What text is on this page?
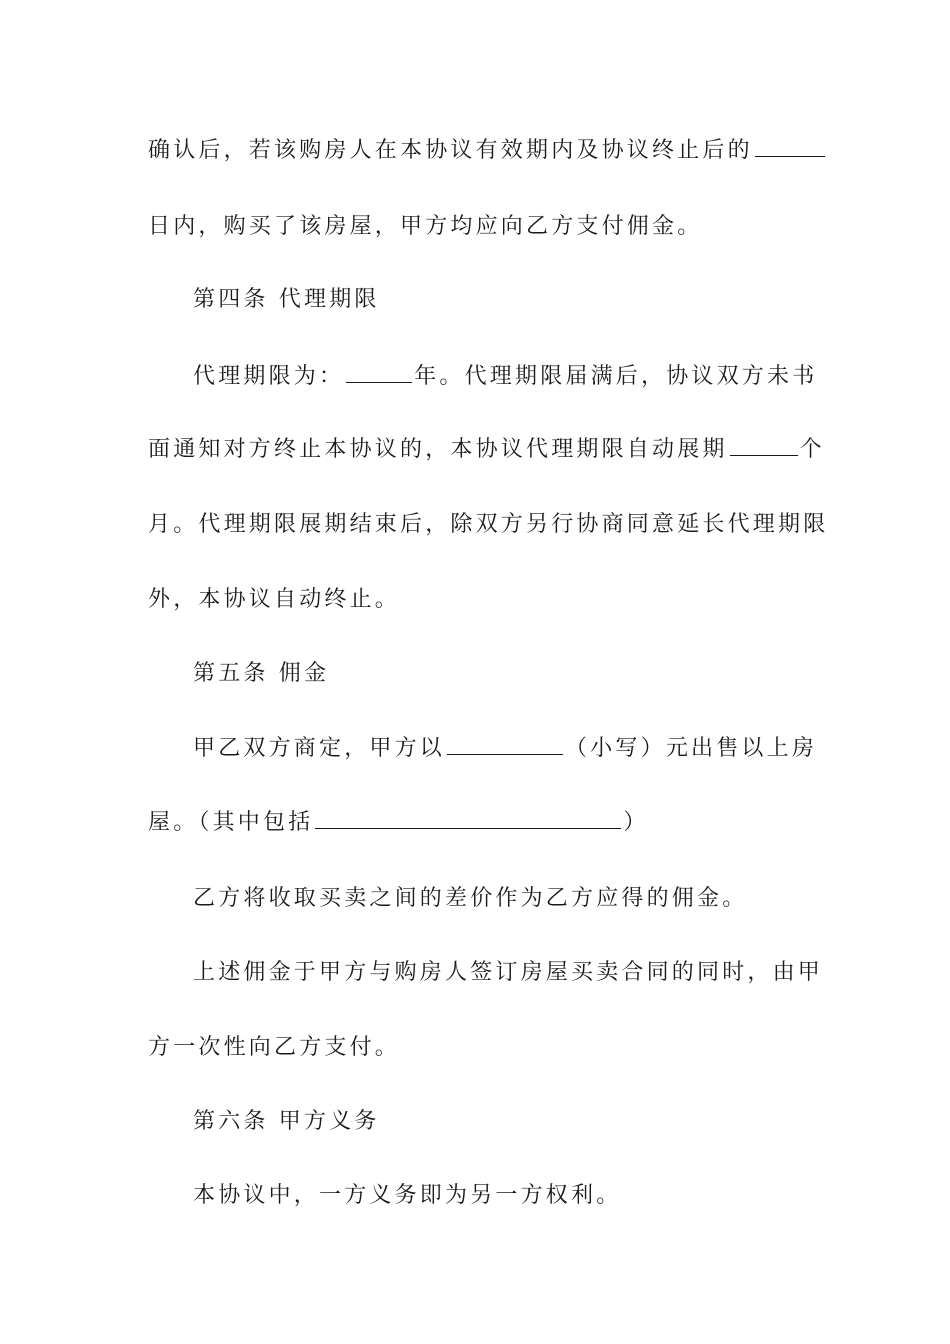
确认后，若该购房人在本协议有效期内及协议终止后的
日内，购买了该房屋，甲方均应向乙方支付佣金。
第四条 代理期限
代理期限为：	年。代理期限届满后，协议双方未书
面通知对方终止本协议的，本协议代理期限自动展期	个
月。代理期限展期结束后，除双方另行协商同意延长代理期限
外，本协议自动终止。
第五条 佣金
甲乙双方商定，甲方以	（小写）元出售以上房
屋。（其中包括	）
乙方将收取买卖之间的差价作为乙方应得的佣金。
上述佣金于甲方与购房人签订房屋买卖合同的同时，由甲
方一次性向乙方支付。
第六条 甲方义务
本协议中，一方义务即为另一方权利。
